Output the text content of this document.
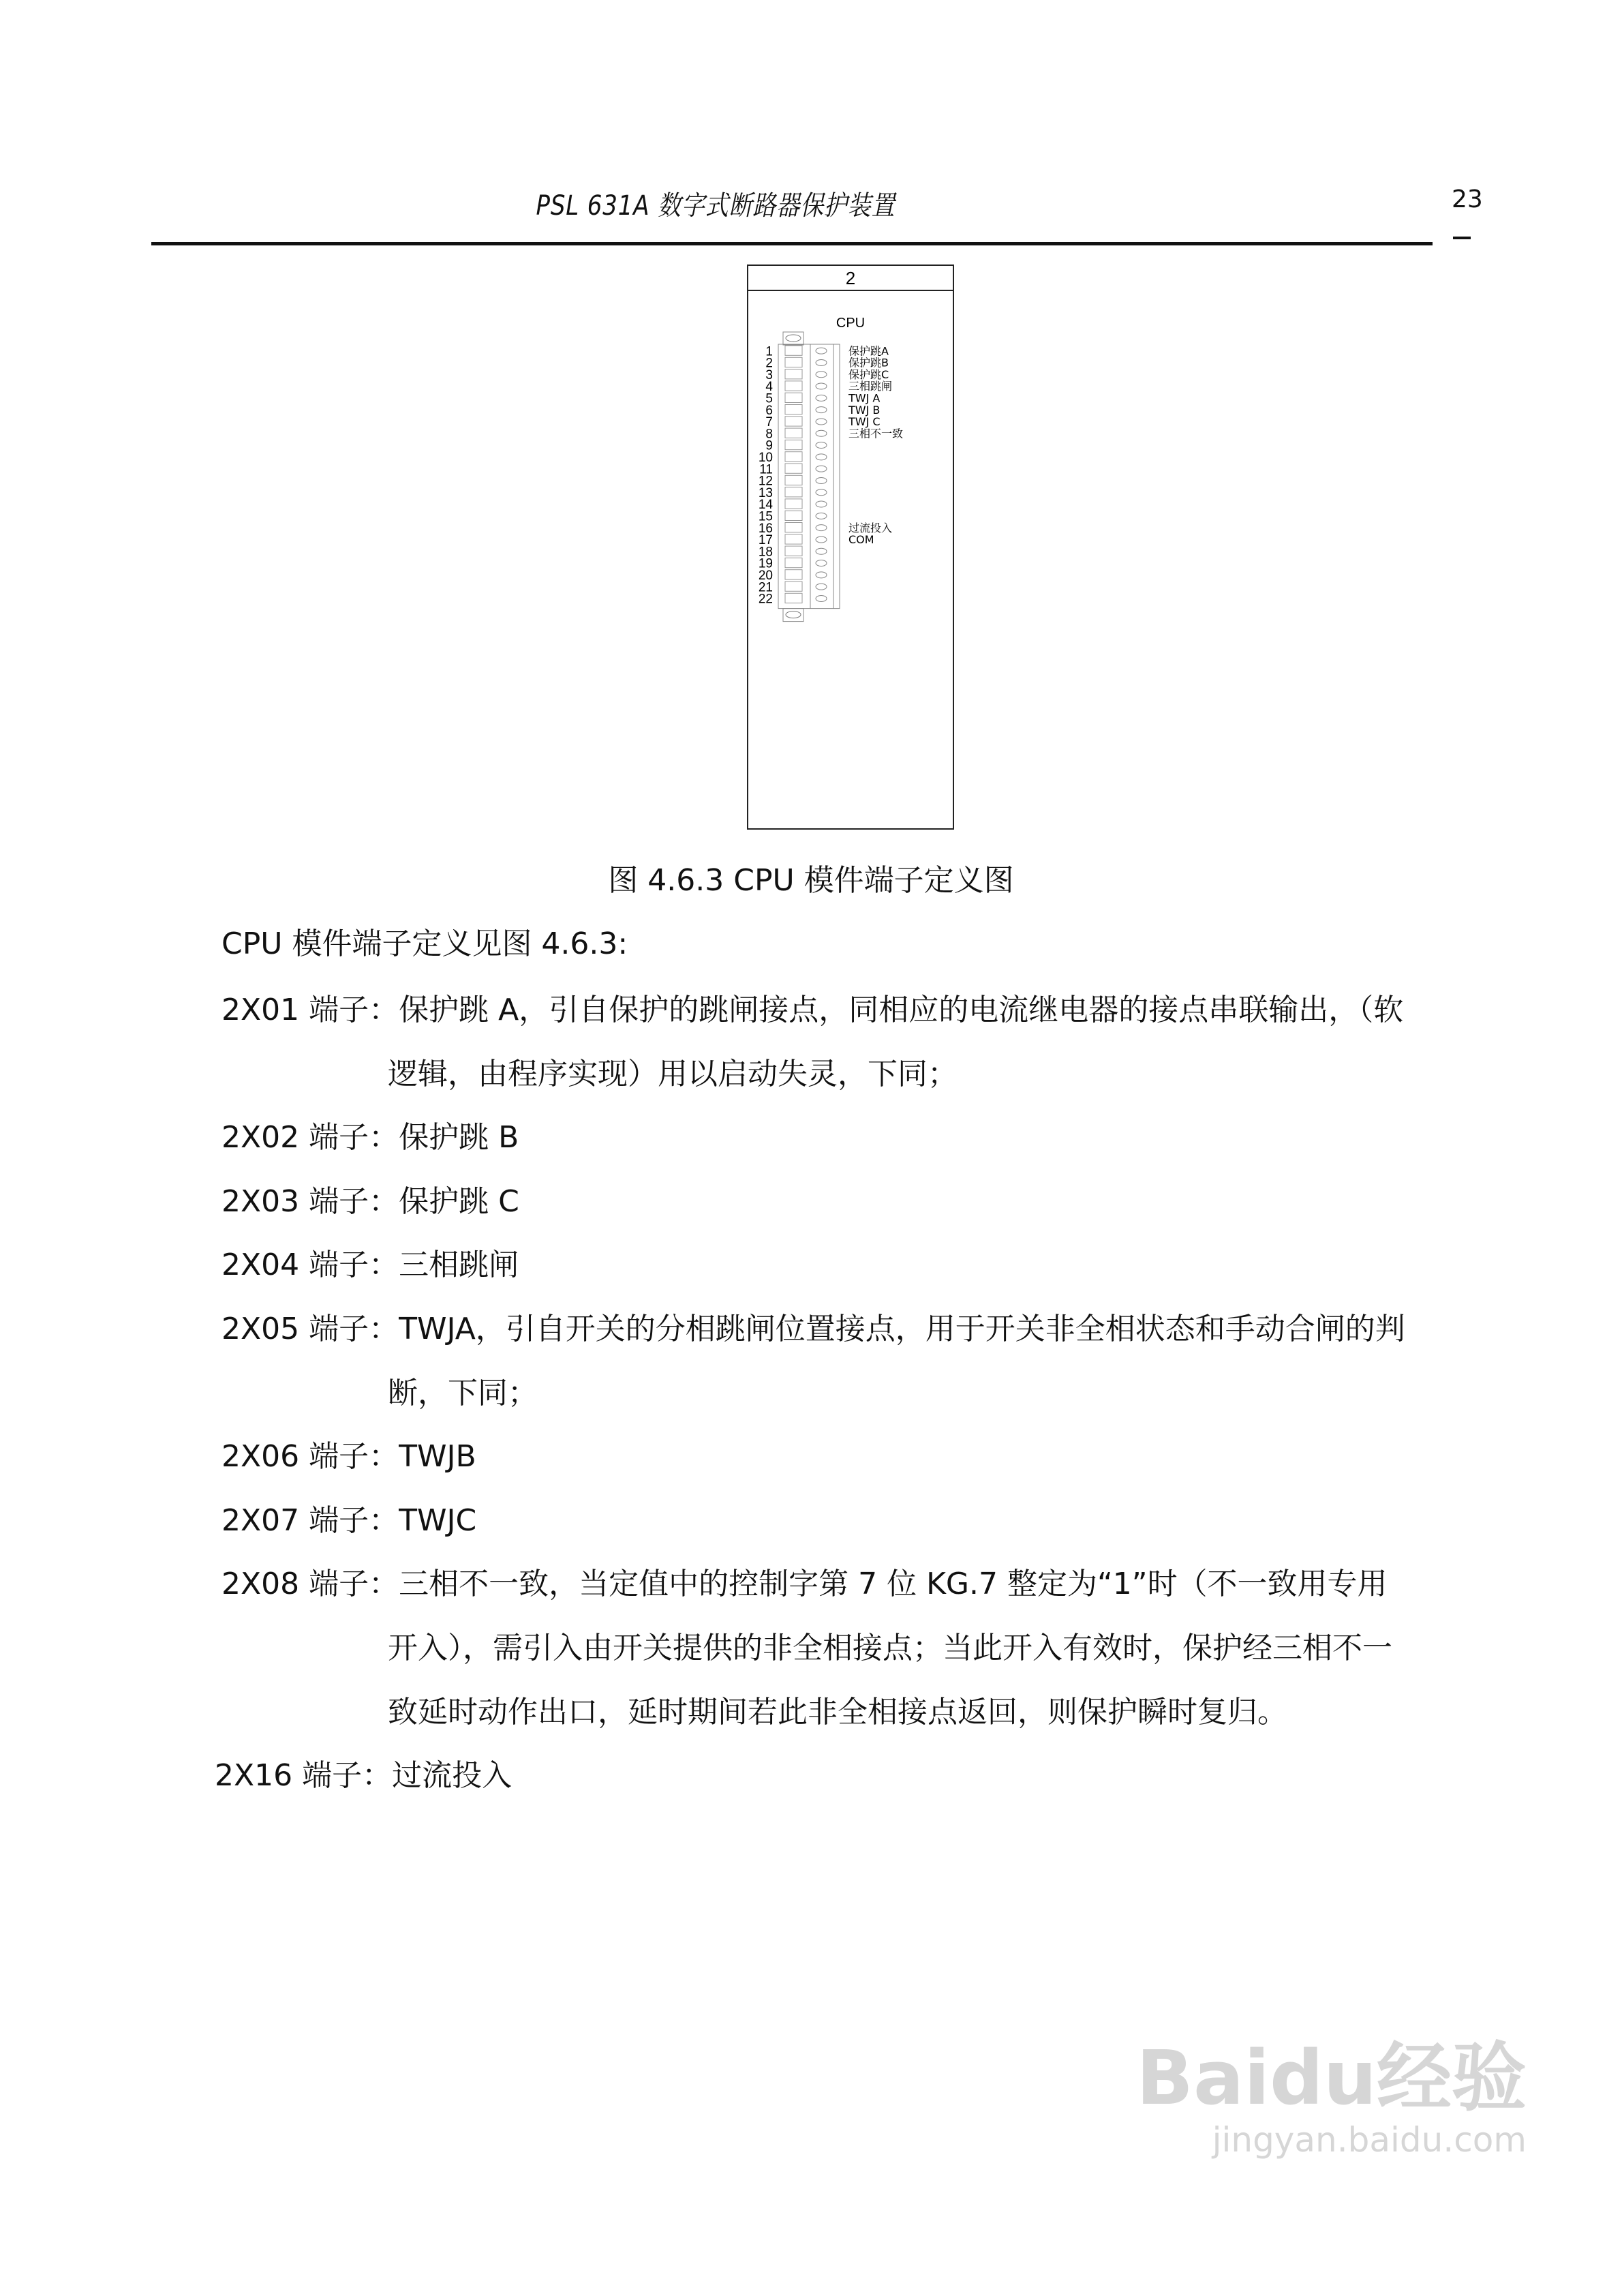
PSL 631A 数字式断路器保护装置	23
2
CPU
1
2
3
4
5
6
7
8
9
10
11
12
13
14
15
16
17
18
19
20
21
22
保护跳A
保护跳B
保护跳C
三相跳闸
TWJ A
TWJ B
TWJ C
三相不一致
过流投入
COM
图 4.6.3 CPU 模件端子定义图
CPU 模件端子定义见图 4.6.3:
2X01 端子：保护跳 A，引自保护的跳闸接点，同相应的电流继电器的接点串联输出，（软
逻辑，由程序实现）用以启动失灵，下同；
2X02 端子：保护跳 B
2X03 端子：保护跳 C
2X04 端子：三相跳闸
2X05 端子：TWJA，引自开关的分相跳闸位置接点，用于开关非全相状态和手动合闸的判
断，下同；
2X06 端子：TWJB
2X07 端子：TWJC
2X08 端子：三相不一致，当定值中的控制字第 7 位 KG.7 整定为“1”时（不一致用专用
开入），需引入由开关提供的非全相接点；当此开入有效时，保护经三相不一
致延时动作出口，延时期间若此非全相接点返回，则保护瞬时复归。
2X16 端子：过流投入
Baidu经验
jingyan.baidu.com
